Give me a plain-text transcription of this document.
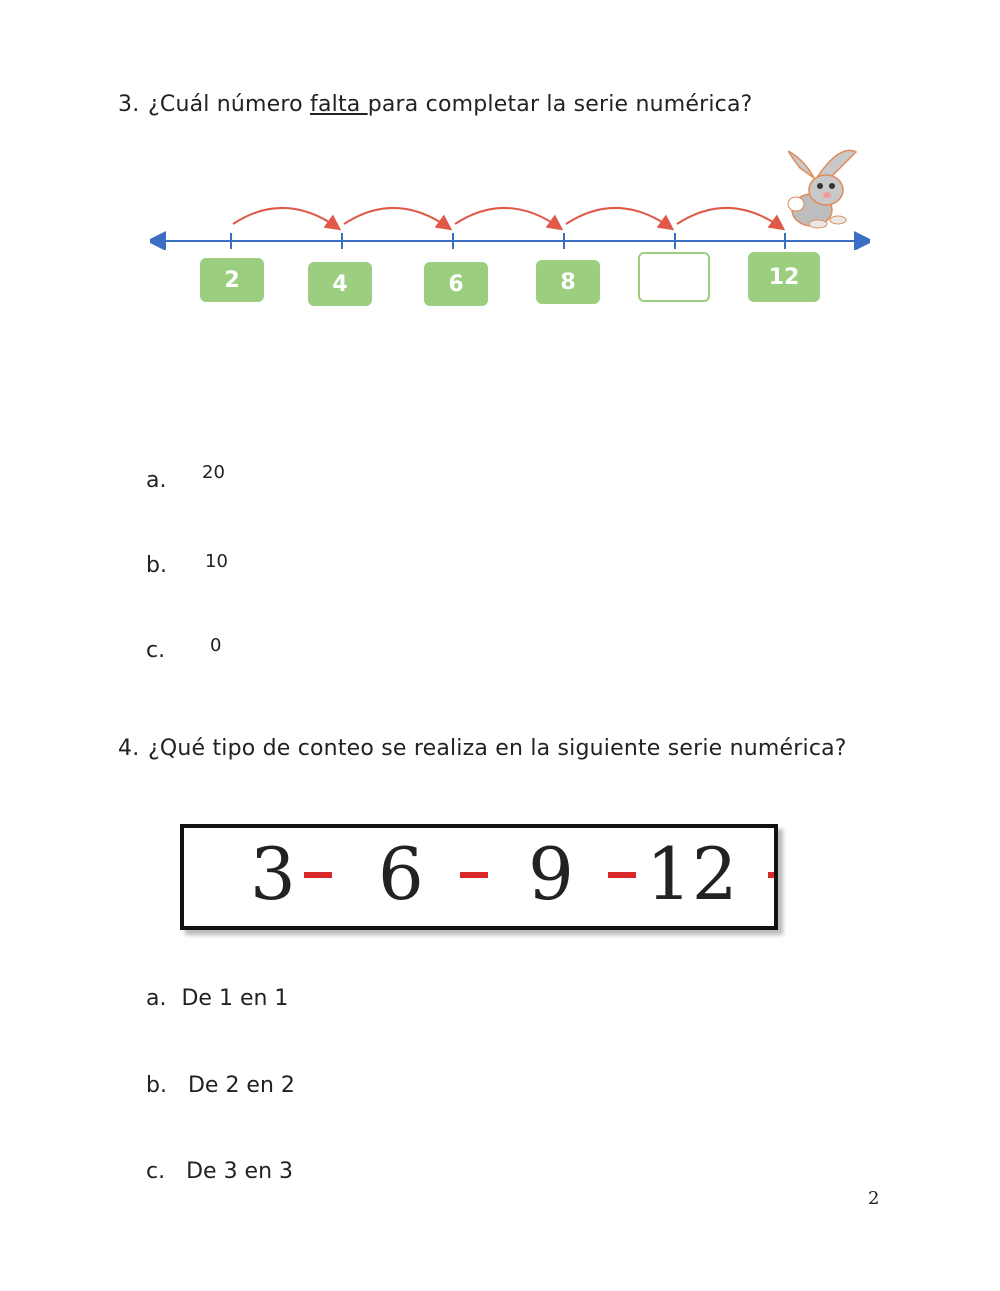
3. ¿Cuál número falta para completar la serie numérica?
2	4	6	8	12
a. 20
b. 10
c. 0
4. ¿Qué tipo de conteo se realiza en la siguiente serie numérica?
3 6 9 12
a. De 1 en 1
b. De 2 en 2
c. De 3 en 3
2
